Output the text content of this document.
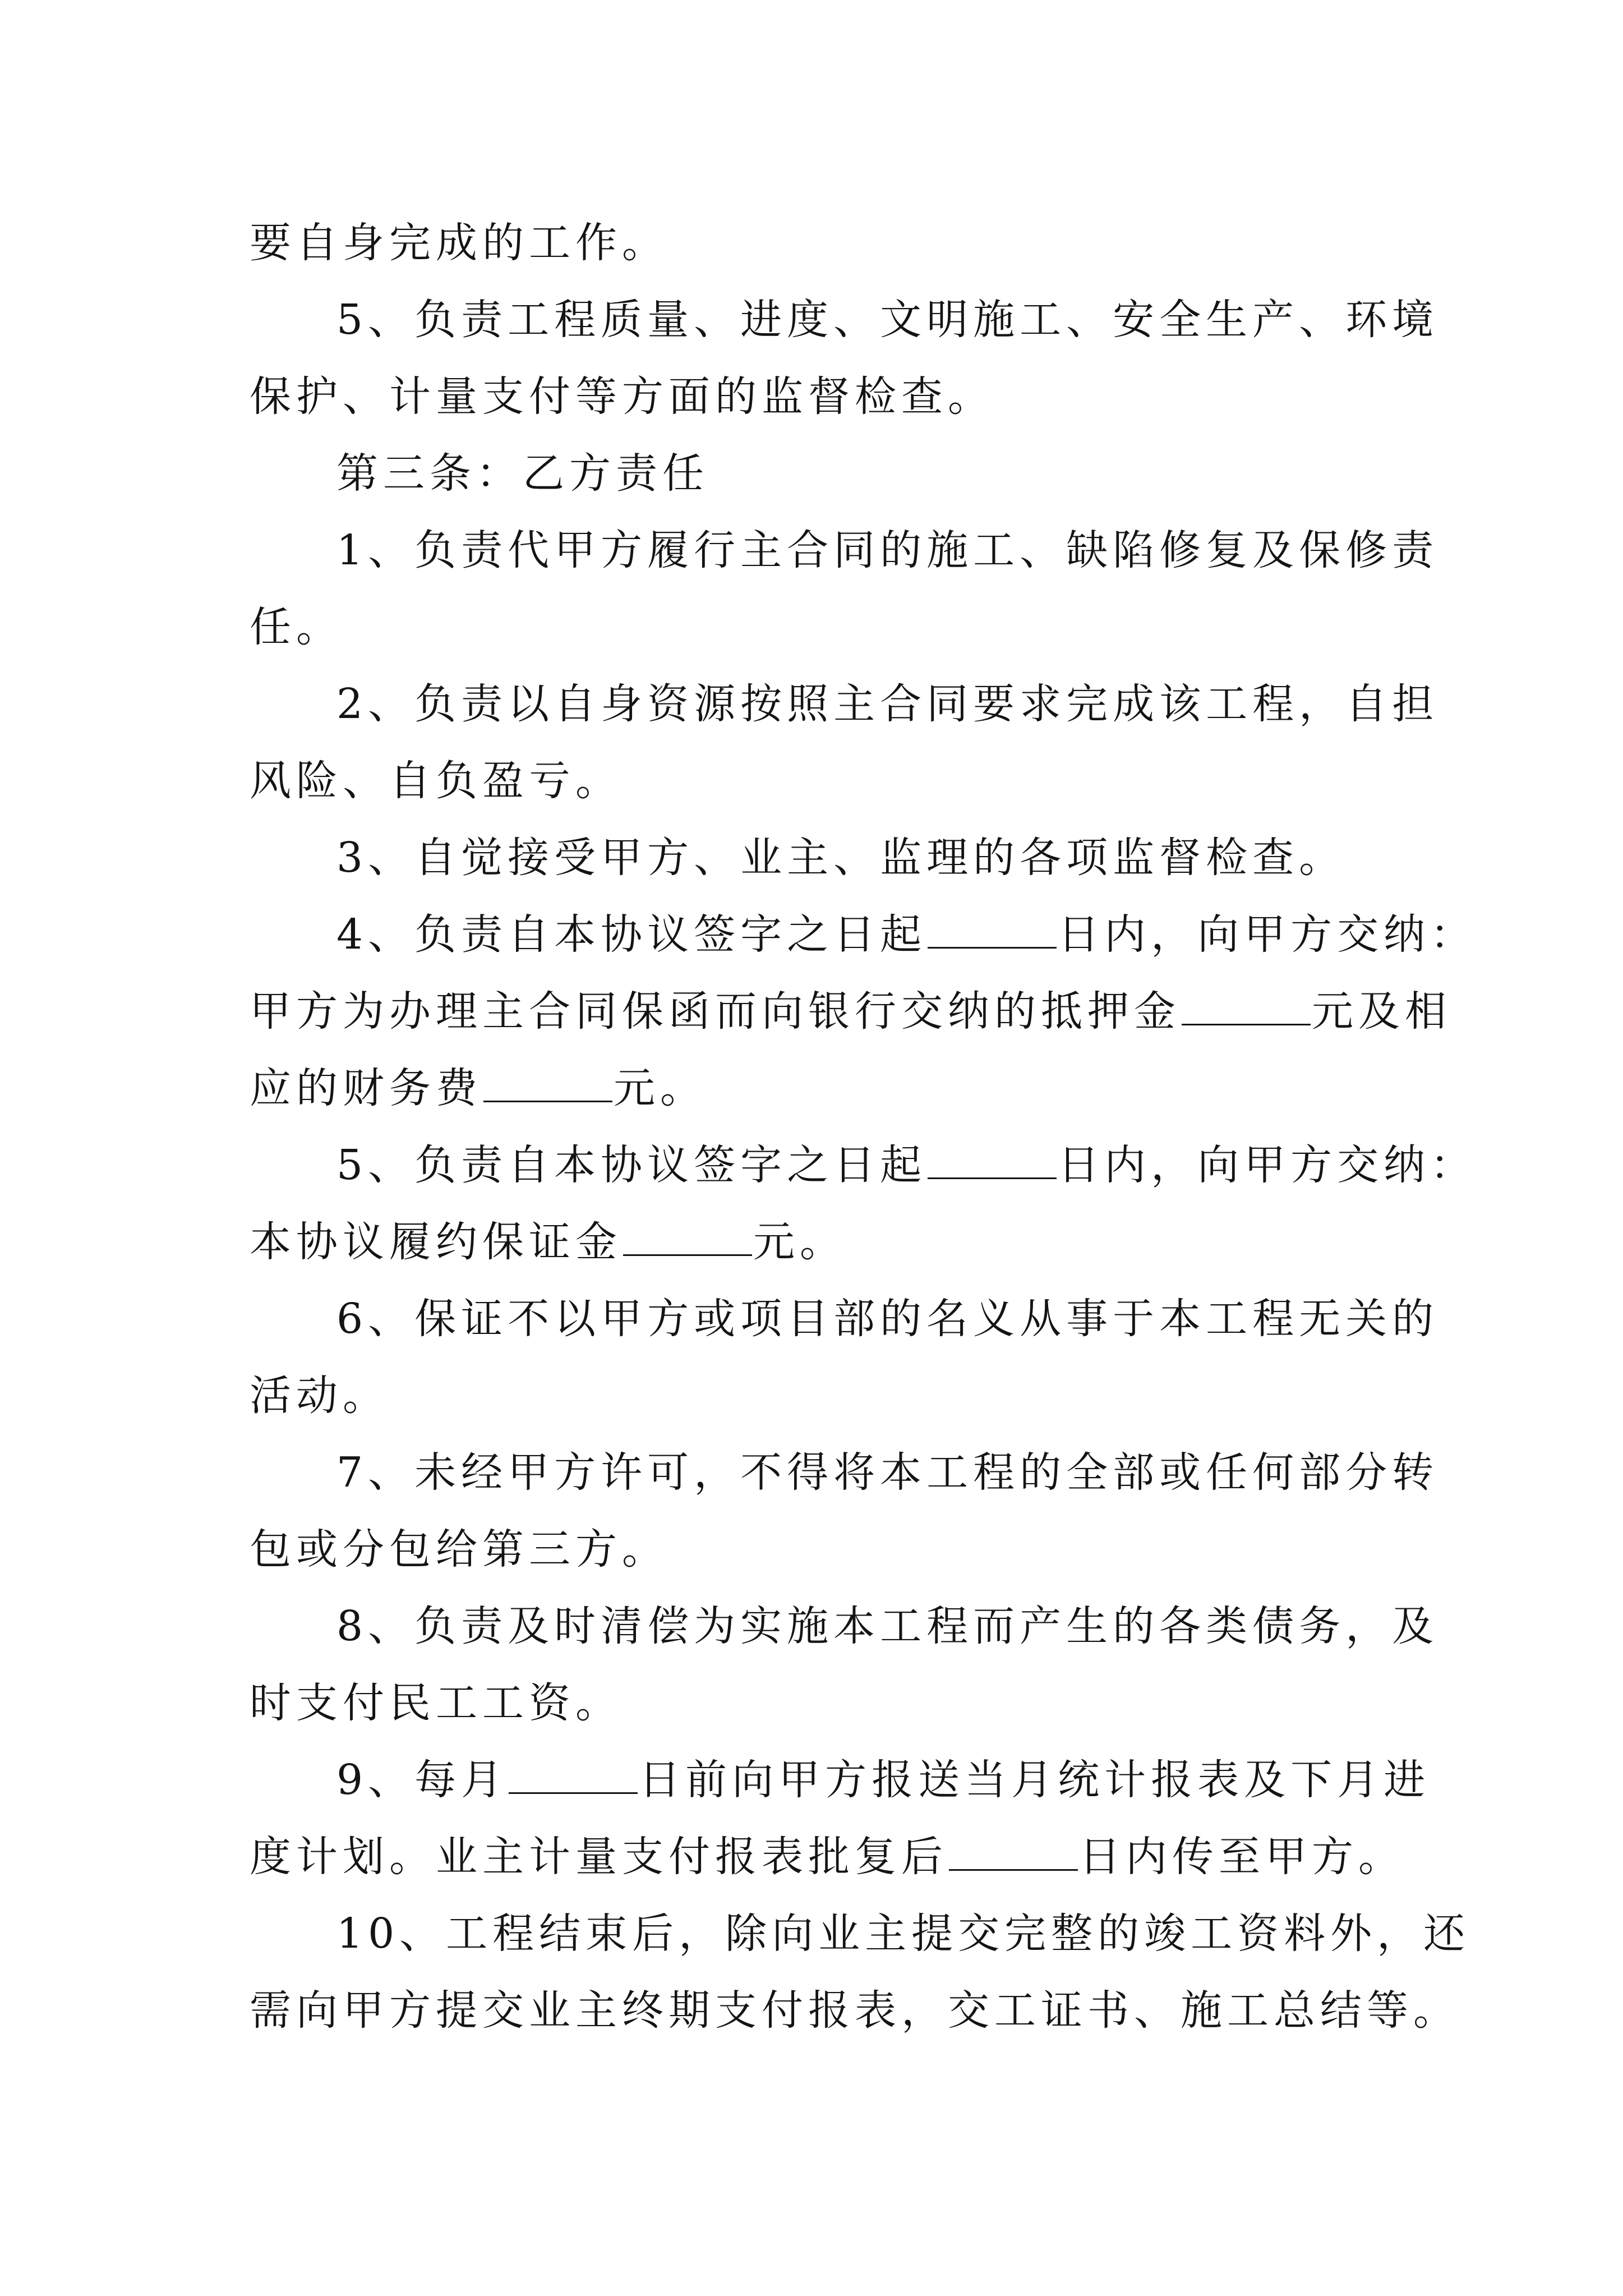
要自身完成的工作。
5、负责工程质量、进度、文明施工、安全生产、环境
保护、计量支付等方面的监督检查。
第三条：乙方责任
1、负责代甲方履行主合同的施工、缺陷修复及保修责
任。
2、负责以自身资源按照主合同要求完成该工程，自担
风险、自负盈亏。
3、自觉接受甲方、业主、监理的各项监督检查。
4、负责自本协议签字之日起	日内，向甲方交纳：
甲方为办理主合同保函而向银行交纳的抵押金	元及相
应的财务费	元。
5、负责自本协议签字之日起	日内，向甲方交纳：
本协议履约保证金	元。
6、保证不以甲方或项目部的名义从事于本工程无关的
活动。
7、未经甲方许可，不得将本工程的全部或任何部分转
包或分包给第三方。
8、负责及时清偿为实施本工程而产生的各类债务，及
时支付民工工资。
9、每月	日前向甲方报送当月统计报表及下月进
度计划。业主计量支付报表批复后	日内传至甲方。
10、工程结束后，除向业主提交完整的竣工资料外，还
需向甲方提交业主终期支付报表，交工证书、施工总结等。
